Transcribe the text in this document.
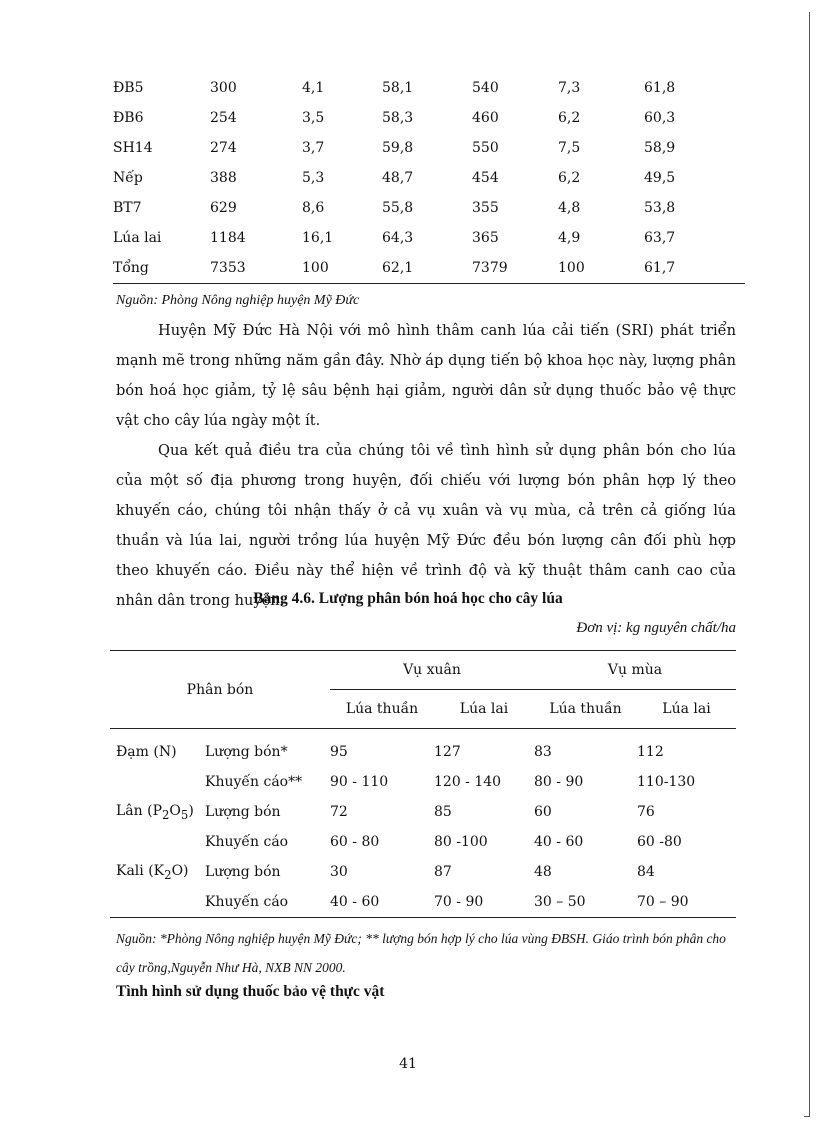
ĐB5	300	4,1	58,1	540	7,3	61,8
ĐB6	254	3,5	58,3	460	6,2	60,3
SH14	274	3,7	59,8	550	7,5	58,9
Nếp	388	5,3	48,7	454	6,2	49,5
BT7	629	8,6	55,8	355	4,8	53,8
Lúa lai	1184	16,1	64,3	365	4,9	63,7
Tổng	7353	100	62,1	7379	100	61,7
Nguồn: Phòng Nông nghiệp huyện Mỹ Đức
Huyện Mỹ Đức Hà Nội với mô hình thâm canh lúa cải tiến (SRI) phát triển mạnh mẽ trong những năm gần đây. Nhờ áp dụng tiến bộ khoa học này, lượng phân bón hoá học giảm, tỷ lệ sâu bệnh hại giảm, người dân sử dụng thuốc bảo vệ thực vật cho cây lúa ngày một ít.
Qua kết quả điều tra của chúng tôi về tình hình sử dụng phân bón cho lúa của một số địa phương trong huyện, đối chiếu với lượng bón phân hợp lý theo khuyến cáo, chúng tôi nhận thấy ở cả vụ xuân và vụ mùa, cả trên cả giống lúa thuần và lúa lai, người trồng lúa huyện Mỹ Đức đều bón lượng cân đối phù hợp theo khuyến cáo. Điều này thể hiện về trình độ và kỹ thuật thâm canh cao của nhân dân trong huyện.
Bảng 4.6. Lượng phân bón hoá học cho cây lúa
Đơn vị: kg nguyên chất/ha
Phân bón		Vụ xuân		Vụ mùa	
		Lúa thuần	Lúa lai	Lúa thuần	Lúa lai

Đạm (N)	Lượng bón*	95	127	83	112
	Khuyến cáo**	90 - 110	120 - 140	80 - 90	110-130
Lân $(P_2O_5)$	Lượng bón	72	85	60	76
	Khuyến cáo	60 - 80	80 -100	40 - 60	60 -80
Kali $(K_2O)$	Lượng bón	30	87	48	84
	Khuyến cáo	40 - 60	70 - 90	30 – 50	70 – 90
Nguồn: *Phòng Nông nghiệp huyện Mỹ Đức; ** lượng bón hợp lý cho lúa vùng ĐBSH. Giáo trình bón phân cho cây trồng,Nguyễn Như Hà, NXB NN 2000.
Tình hình sử dụng thuốc bảo vệ thực vật
41
